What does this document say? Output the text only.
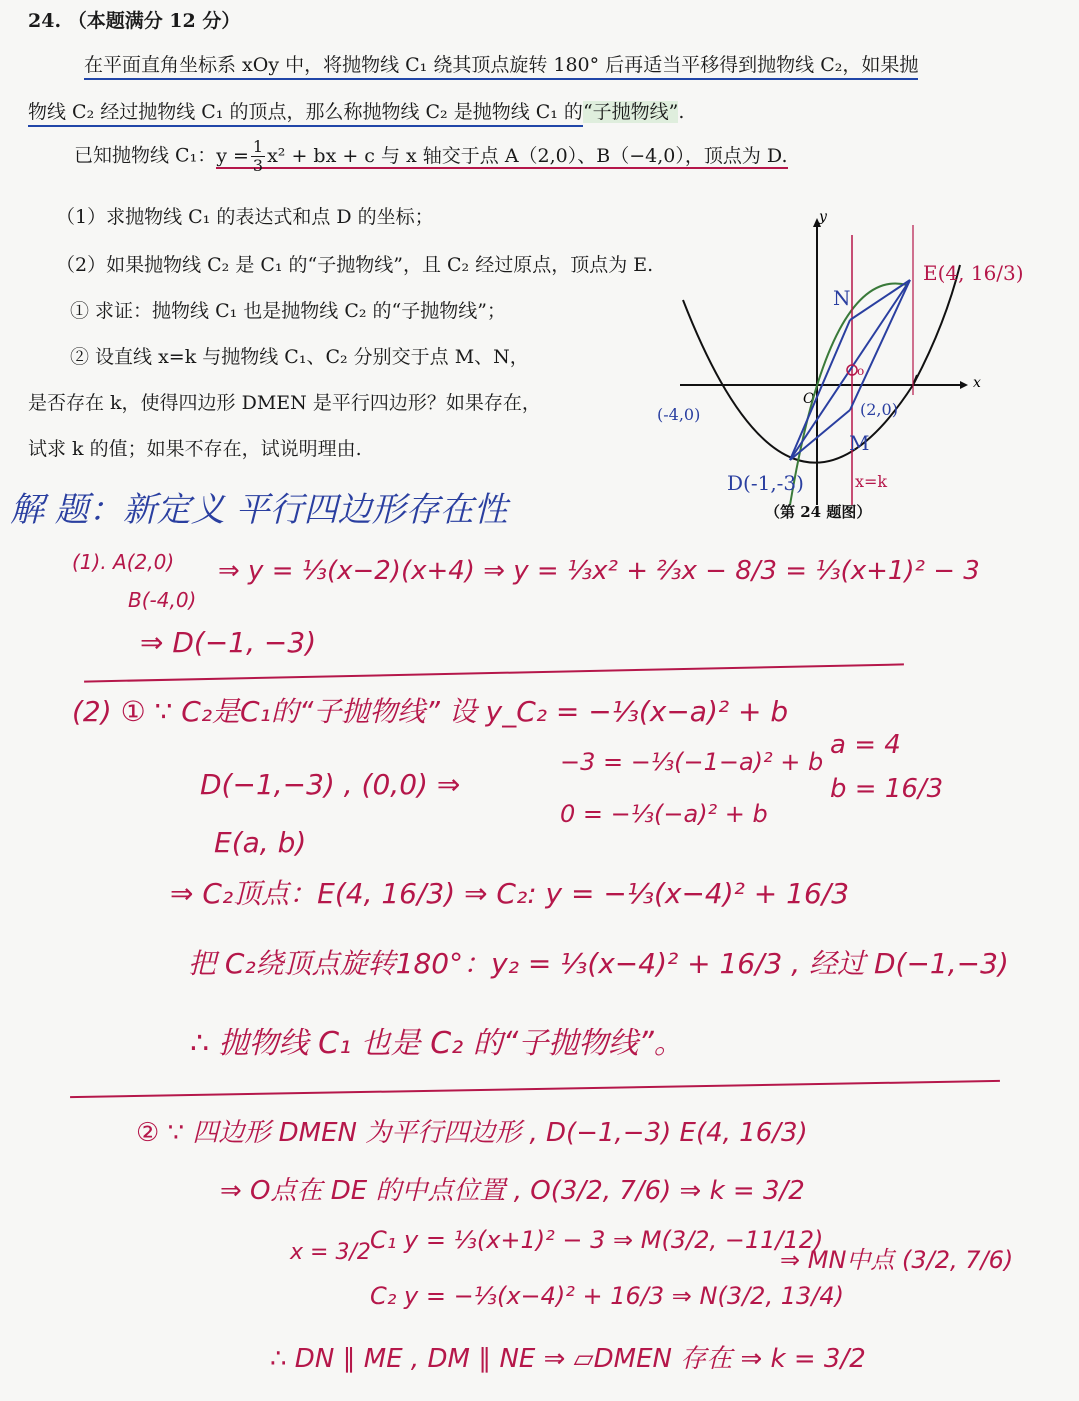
24. （本题满分 12 分）
在平面直角坐标系 xOy 中，将抛物线 C₁ 绕其顶点旋转 180° 后再适当平移得到抛物线 C₂，如果抛
物线 C₂ 经过抛物线 C₁ 的顶点，那么称抛物线 C₂ 是抛物线 C₁ 的“子抛物线”.
已知抛物线 C₁：$y = \frac{1}{3} x^2$ + bx + c 与 x 轴交于点 A（2,0）、B（−4,0），顶点为 D.
（1）求抛物线 C₁ 的表达式和点 D 的坐标；
（2）如果抛物线 C₂ 是 C₁ 的“子抛物线”，且 C₂ 经过原点，顶点为 E.
① 求证：抛物线 C₁ 也是抛物线 C₂ 的“子抛物线”；
② 设直线 x=k 与抛物线 C₁、C₂ 分别交于点 M、N，
是否存在 k，使得四边形 DMEN 是平行四边形？如果存在，
试求 k 的值；如果不存在，试说明理由.
x
y
O
o
N
M
E(4, 16/3)
(-4,0)	(2,0)
D(-1,-3)	x=k
（第 24 题图）
解 题：新定义 平行四边形存在性
(1). A(2,0)
B(-4,0)
⇒ y = ⅓(x−2)(x+4) ⇒ y = ⅓x² + ⅔x − 8/3 = ⅓(x+1)² − 3
⇒ D(−1, −3)
(2) ① ∵ C₂是C₁的“子抛物线” 设 y_C₂ = −⅓(x−a)² + b
D(−1,−3) , (0,0) ⇒
−3 = −⅓(−1−a)² + b
0 = −⅓(−a)² + b
a = 4
b = 16/3
E(a, b)
⇒ C₂顶点：E(4, 16/3) ⇒ C₂: y = −⅓(x−4)² + 16/3
把 C₂绕顶点旋转180°：y₂ = ⅓(x−4)² + 16/3 , 经过 D(−1,−3)
∴ 抛物线 C₁ 也是 C₂ 的“子抛物线”。
② ∵ 四边形 DMEN 为平行四边形 , D(−1,−3) E(4, 16/3)
⇒ O点在 DE 的中点位置 , O(3/2, 7/6) ⇒ k = 3/2
x = 3/2 C₁ y = ⅓(x+1)² − 3 ⇒ M(3/2, −11/12)
⇒ MN中点 (3/2, 7/6)
C₂ y = −⅓(x−4)² + 16/3 ⇒ N(3/2, 13/4)
∴ DN ∥ ME , DM ∥ NE ⇒ ▱DMEN 存在 ⇒ k = 3/2
